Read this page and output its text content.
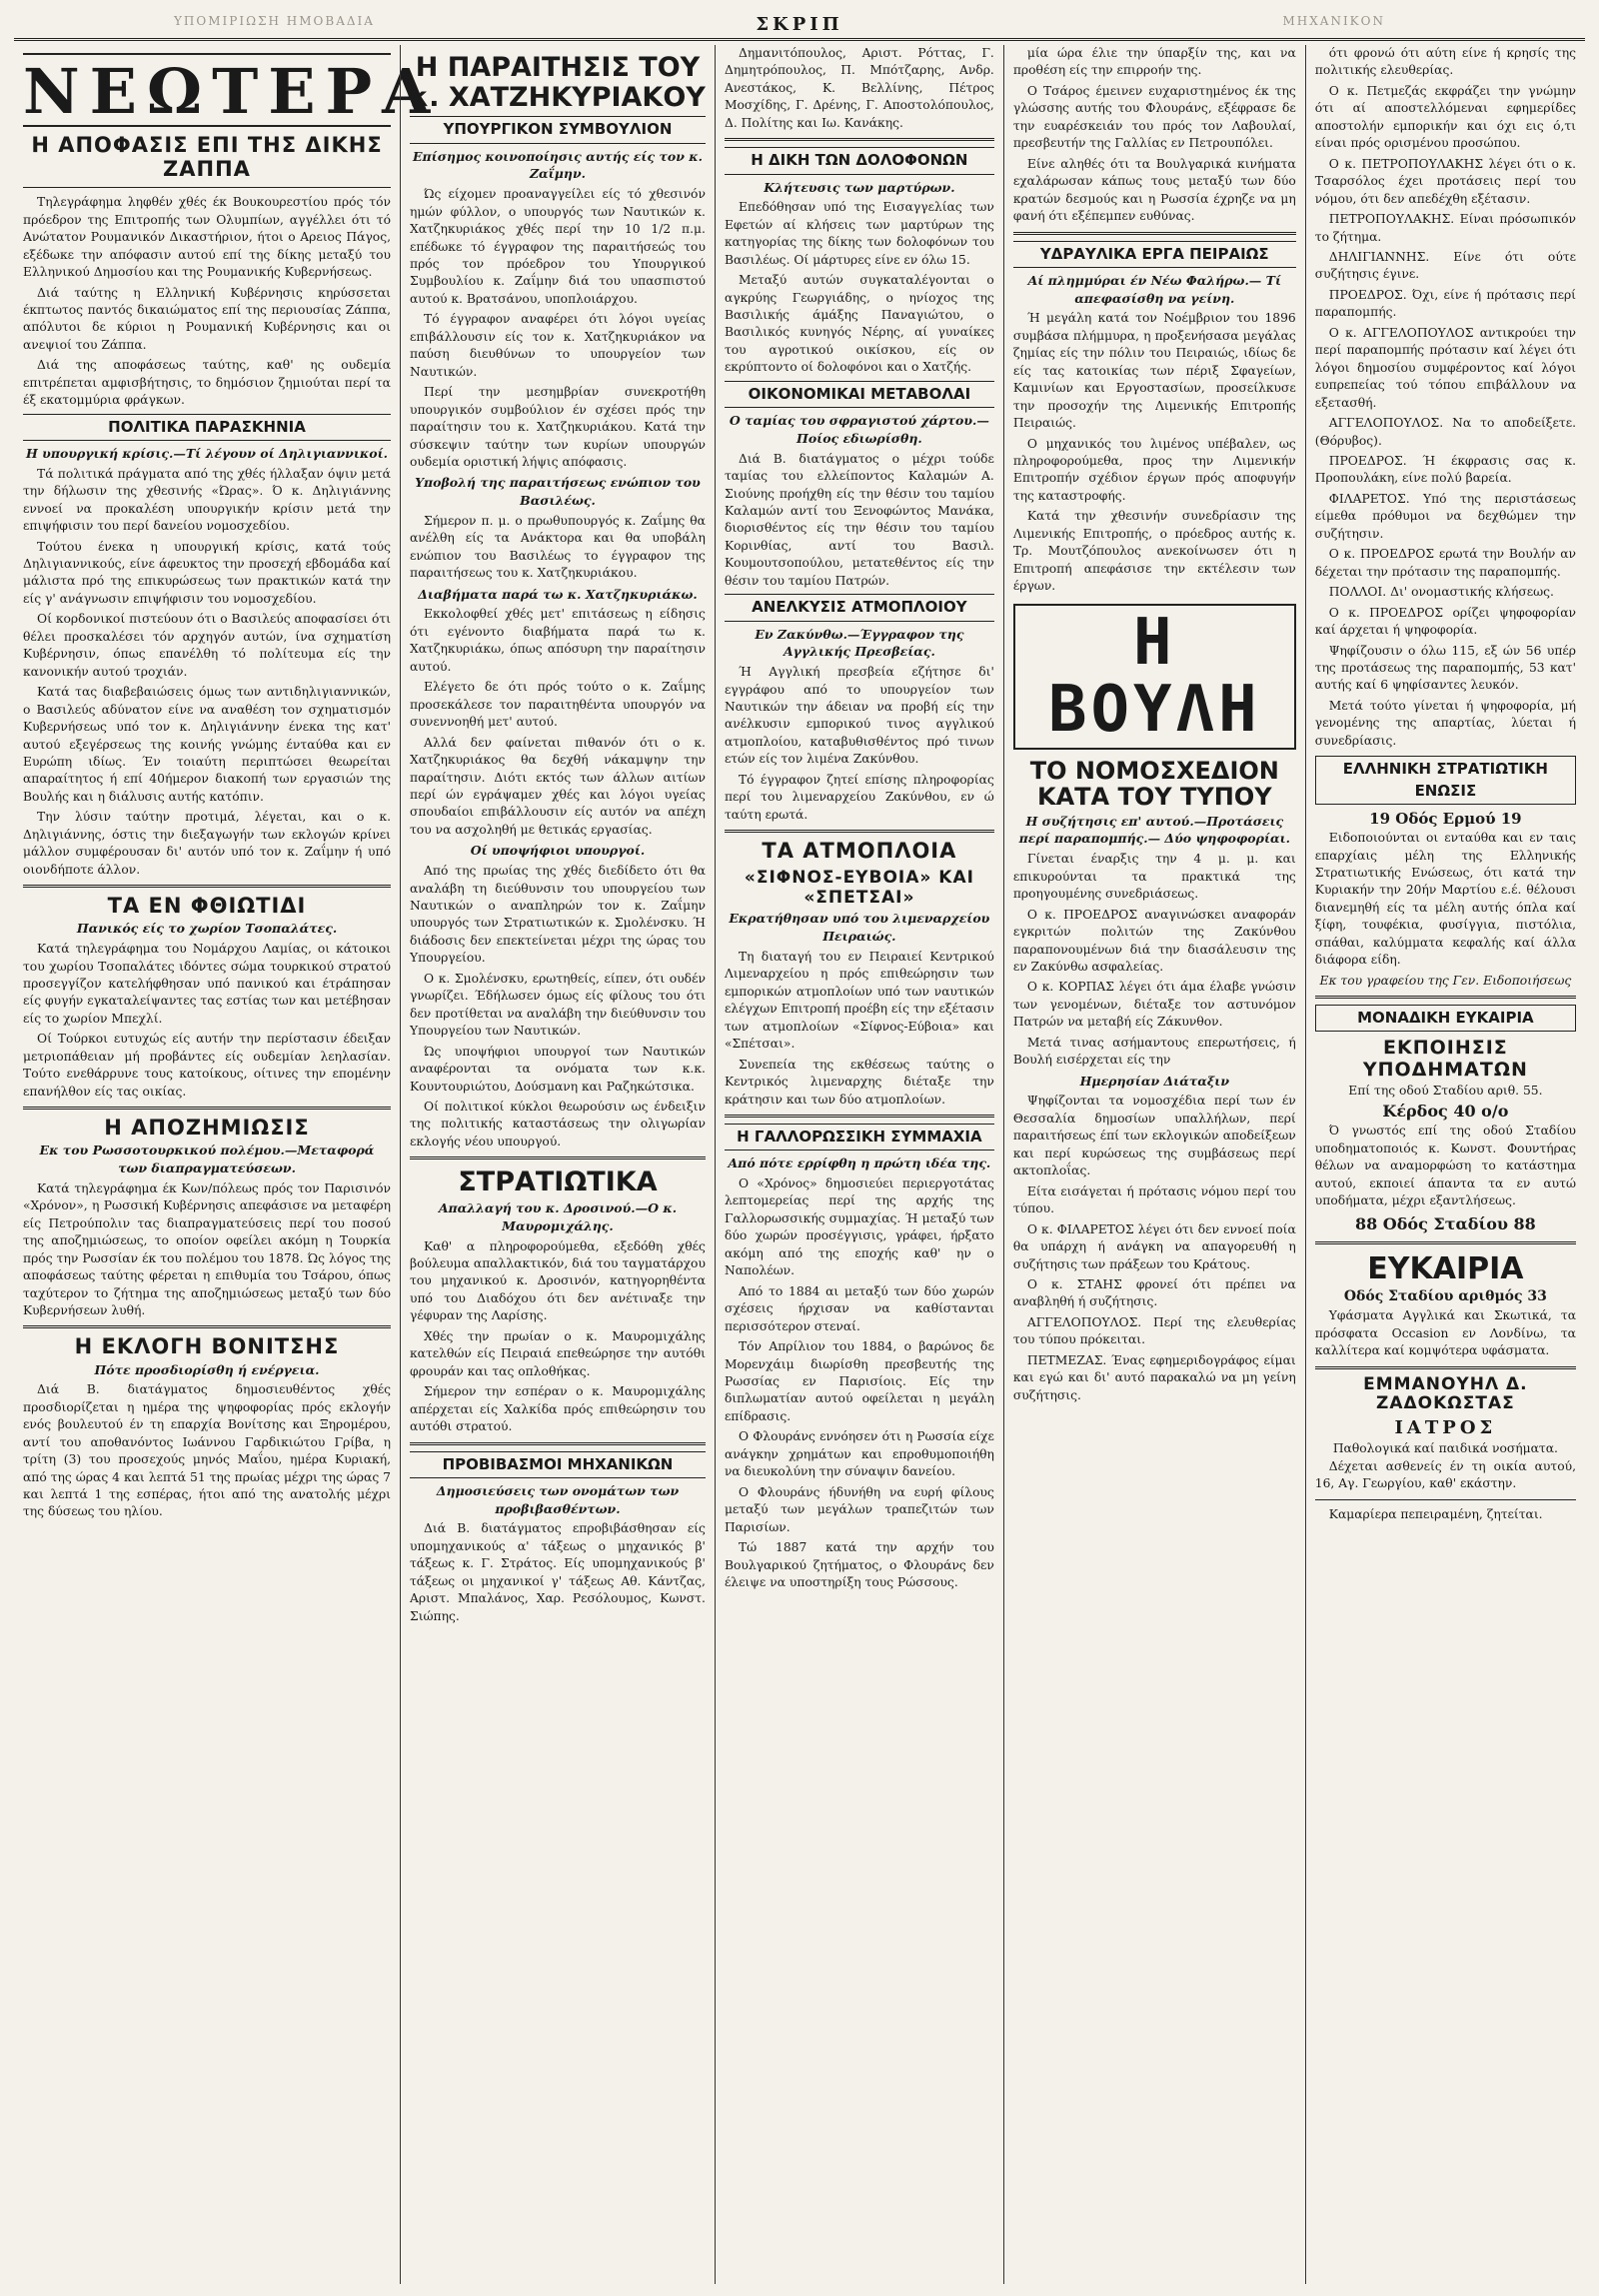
ΥΠΟΜΙΡΙΩΣΗ ΗΜΟΒΑΔΙΑ	ΣΚΡΙΠ	ΜΗΧΑΝΙΚΟΝ
ΝΕΩΤΕΡΑ
Η ΑΠΟΦΑΣΙΣ ΕΠΙ ΤΗΣ ΔΙΚΗΣ ΖΑΠΠΑ

Τηλεγράφημα ληφθέν χθές έκ Βουκουρεστίου πρός τόν πρόεδρον της Επιτροπής των Ολυμπίων, αγγέλλει ότι τό Ανώτατον Ρουμανικόν Δικαστήριον, ήτοι ο Αρειος Πάγος, εξέδωκε την απόφασιν αυτού επί της δίκης μεταξύ του Ελληνικού Δημοσίου και της Ρουμανικής Κυβερνήσεως.

Διά ταύτης η Ελληνική Κυβέρνησις κηρύσσεται έκπτωτος παντός δικαιώματος επί της περιουσίας Ζάππα, απόλυτοι δε κύριοι η Ρουμανική Κυβέρνησις και οι ανεψιοί του Ζάππα.

Διά της αποφάσεως ταύτης, καθ' ης ουδεμία επιτρέπεται αμφισβήτησις, το δημόσιον ζημιούται περί τα έξ εκατομμύρια φράγκων.

ΠΟΛΙΤΙΚΑ ΠΑΡΑΣΚΗΝΙΑ
Η υπουργική κρίσις.—Τί λέγουν οί Δηλιγιαννικοί.

Τά πολιτικά πράγματα από της χθές ήλλαξαν όψιν μετά την δήλωσιν της χθεσινής «Ώρας». Ό κ. Δηλιγιάννης εννοεί να προκαλέση υπουργικήν κρίσιν μετά την επιψήφισιν του περί δανείου νομοσχεδίου.

Τούτου ένεκα η υπουργική κρίσις, κατά τούς Δηλιγιαννικούς, είνε άφευκτος την προσεχή εβδομάδα καί μάλιστα πρό της επικυρώσεως των πρακτικών κατά την είς γ' ανάγνωσιν επιψήφισιν του νομοσχεδίου.

Οί κορδονικοί πιστεύουν ότι ο Βασιλεύς αποφασίσει ότι θέλει προσκαλέσει τόν αρχηγόν αυτών, ίνα σχηματίση Κυβέρνησιν, όπως επανέλθη τό πολίτευμα είς την κανονικήν αυτού τροχιάν.

Κατά τας διαβεβαιώσεις όμως των αντιδηλιγιαννικών, ο Βασιλεύς αδύνατον είνε να αναθέση τον σχηματισμόν Κυβερνήσεως υπό τον κ. Δηλιγιάννην ένεκα της κατ' αυτού εξεγέρσεως της κοινής γνώμης ένταύθα και εν Ευρώπη ιδίως. Έν τοιαύτη περιπτώσει θεωρείται απαραίτητος ή επί 40ήμερον διακοπή των εργασιών της Βουλής και η διάλυσις αυτής κατόπιν.

Την λύσιν ταύτην προτιμά, λέγεται, και ο κ. Δηλιγιάννης, όστις την διεξαγωγήν των εκλογών κρίνει μάλλον συμφέρουσαν δι' αυτόν υπό τον κ. Ζαΐμην ή υπό οιονδήποτε άλλον.

ΤΑ ΕΝ ΦΘΙΩΤΙΔΙ
Πανικός είς το χωρίον Τσοπαλάτες.

Κατά τηλεγράφημα του Νομάρχου Λαμίας, οι κάτοικοι του χωρίου Τσοπαλάτες ιδόντες σώμα τουρκικού στρατού προσεγγίζον κατελήφθησαν υπό πανικού και έτράπησαν είς φυγήν εγκαταλείψαντες τας εστίας των και μετέβησαν είς το χωρίον Μπεχλί.

Οί Τούρκοι ευτυχώς είς αυτήν την περίστασιν έδειξαν μετριοπάθειαν μή προβάντες είς ουδεμίαν λεηλασίαν. Τούτο ενεθάρρυνε τους κατοίκους, οίτινες την επομένην επανήλθον είς τας οικίας.

Η ΑΠΟΖΗΜΙΩΣΙΣ
Εκ του Ρωσσοτουρκικού πολέμου.—Μεταφορά των διαπραγματεύσεων.

Κατά τηλεγράφημα έκ Κων/πόλεως πρός τον Παρισινόν «Χρόνον», η Ρωσσική Κυβέρνησις απεφάσισε να μεταφέρη είς Πετρούπολιν τας διαπραγματεύσεις περί του ποσού της αποζημιώσεως, το οποίον οφείλει ακόμη η Τουρκία πρός την Ρωσσίαν έκ του πολέμου του 1878. Ώς λόγος της αποφάσεως ταύτης φέρεται η επιθυμία του Τσάρου, όπως ταχύτερον το ζήτημα της αποζημιώσεως μεταξύ των δύο Κυβερνήσεων λυθή.

Η ΕΚΛΟΓΗ ΒΟΝΙΤΣΗΣ
Πότε προσδιορίσθη ή ενέργεια.

Διά Β. διατάγματος δημοσιευθέντος χθές προσδιορίζεται η ημέρα της ψηφοφορίας πρός εκλογήν ενός βουλευτού έν τη επαρχία Βονίτσης και Ξηρομέρου, αντί του αποθανόντος Ιωάννου Γαρδικιώτου Γρίβα, η τρίτη (3) του προσεχούς μηνός Μαΐου, ημέρα Κυριακή, από της ώρας 4 και λεπτά 51 της πρωίας μέχρι της ώρας 7 και λεπτά 1 της εσπέρας, ήτοι από της ανατολής μέχρι της δύσεως του ηλίου.

Η ΠΑΡΑΙΤΗΣΙΣ ΤΟΥ κ. ΧΑΤΖΗΚΥΡΙΑΚΟΥ
ΥΠΟΥΡΓΙΚΟΝ ΣΥΜΒΟΥΛΙΟΝ
Επίσημος κοινοποίησις αυτής είς τον κ. Ζαΐμην.

Ώς είχομεν προαναγγείλει είς τό χθεσινόν ημών φύλλον, ο υπουργός των Ναυτικών κ. Χατζηκυριάκος χθές περί την 10 1/2 π.μ. επέδωκε τό έγγραφον της παραιτήσεώς του πρός τον πρόεδρον του Υπουργικού Συμβουλίου κ. Ζαΐμην διά του υπασπιστού αυτού κ. Βρατσάνου, υποπλοιάρχου.

Τό έγγραφον αναφέρει ότι λόγοι υγείας επιβάλλουσιν είς τον κ. Χατζηκυριάκον να παύση διευθύνων το υπουργείον των Ναυτικών.

Περί την μεσημβρίαν συνεκροτήθη υπουργικόν συμβούλιον έν σχέσει πρός την παραίτησιν του κ. Χατζηκυριάκου. Κατά την σύσκεψιν ταύτην των κυρίων υπουργών ουδεμία οριστική λήψις απόφασις.

Υποβολή της παραιτήσεως ενώπιον του Βασιλέως.

Σήμερον π. μ. ο πρωθυπουργός κ. Ζαΐμης θα ανέλθη είς τα Ανάκτορα και θα υποβάλη ενώπιον του Βασιλέως το έγγραφον της παραιτήσεως του κ. Χατζηκυριάκου.

Διαβήματα παρά τω κ. Χατζηκυριάκω.

Εκκολοφθεί χθές μετ' επιτάσεως η είδησις ότι εγένοντο διαβήματα παρά τω κ. Χατζηκυριάκω, όπως απόσυρη την παραίτησιν αυτού.

Ελέγετο δε ότι πρός τούτο ο κ. Ζαΐμης προσεκάλεσε τον παραιτηθέντα υπουργόν να συνεννοηθή μετ' αυτού.

Αλλά δεν φαίνεται πιθανόν ότι ο κ. Χατζηκυριάκος θα δεχθή νάκαμψην την παραίτησιν. Διότι εκτός των άλλων αιτίων περί ών εγράψαμεν χθές και λόγοι υγείας σπουδαίοι επιβάλλουσιν είς αυτόν να απέχη του να ασχοληθή με θετικάς εργασίας.

Οί υποψήφιοι υπουργοί.

Από της πρωίας της χθές διεδίδετο ότι θα αναλάβη τη διεύθυνσιν του υπουργείου των Ναυτικών ο αναπληρών τον κ. Ζαΐμην υπουργός των Στρατιωτικών κ. Σμολένσκυ. Ή διάδοσις δεν επεκτείνεται μέχρι της ώρας του Υπουργείου.

Ο κ. Σμολένσκυ, ερωτηθείς, είπεν, ότι ουδέν γνωρίζει. Έδήλωσεν όμως είς φίλους του ότι δεν προτίθεται να αναλάβη την διεύθυνσιν του Υπουργείου των Ναυτικών.

Ώς υποψήφιοι υπουργοί των Ναυτικών αναφέρονται τα ονόματα των κ.κ. Κουντουριώτου, Δούσμανη και Ραζηκώτσικα.

Οί πολιτικοί κύκλοι θεωρούσιν ως ένδειξιν της πολιτικής καταστάσεως την ολιγωρίαν εκλογής νέου υπουργού.

ΣΤΡΑΤΙΩΤΙΚΑ
Απαλλαγή του κ. Δροσινού.—Ο κ. Μαυρομιχάλης.

Καθ' α πληροφορούμεθα, εξεδόθη χθές βούλευμα απαλλακτικόν, διά του ταγματάρχου του μηχανικού κ. Δροσινόν, κατηγορηθέντα υπό του Διαδόχου ότι δεν ανέτιναξε την γέφυραν της Λαρίσης.

Χθές την πρωίαν ο κ. Μαυρομιχάλης κατελθών είς Πειραιά επεθεώρησε την αυτόθι φρουράν και τας οπλοθήκας.

Σήμερον την εσπέραν ο κ. Μαυρομιχάλης απέρχεται είς Χαλκίδα πρός επιθεώρησιν του αυτόθι στρατού.

ΠΡΟΒΙΒΑΣΜΟΙ ΜΗΧΑΝΙΚΩΝ
Δημοσιεύσεις των ονομάτων των προβιβασθέντων.

Διά Β. διατάγματος επροβιβάσθησαν είς υπομηχανικούς α' τάξεως ο μηχανικός β' τάξεως κ. Γ. Στράτος. Είς υπομηχανικούς β' τάξεως οι μηχανικοί γ' τάξεως Αθ. Κάντζας, Αριστ. Μπαλάνος, Χαρ. Ρεσόλουμος, Κωνστ. Σιώπης.

Δημανιτόπουλος, Αριστ. Ρόττας, Γ. Δημητρόπουλος, Π. Μπότζαρης, Ανδρ. Ανεστάκος, Κ. Βελλίνης, Πέτρος Μοσχίδης, Γ. Δρένης, Γ. Αποστολόπουλος, Δ. Πολίτης και Ιω. Κανάκης.

Η ΔΙΚΗ ΤΩΝ ΔΟΛΟΦΟΝΩΝ
Κλήτευσις των μαρτύρων.

Επεδόθησαν υπό της Εισαγγελίας των Εφετών αί κλήσεις των μαρτύρων της κατηγορίας της δίκης των δολοφόνων του Βασιλέως. Οί μάρτυρες είνε εν όλω 15.

Μεταξύ αυτών συγκαταλέγονται ο αγκρύης Γεωργιάδης, ο ηνίοχος της Βασιλικής άμάξης Παναγιώτου, ο Βασιλικός κυνηγός Νέρης, αί γυναίκες του αγροτικού οικίσκου, είς ον εκρύπτοντο οί δολοφόνοι και ο Χατζής.

ΟΙΚΟΝΟΜΙΚΑΙ ΜΕΤΑΒΟΛΑΙ
Ο ταμίας του σφραγιστού χάρτου.—Ποίος εδιωρίσθη.

Διά Β. διατάγματος ο μέχρι τούδε ταμίας του ελλείποντος Καλαμών Α. Σιούνης προήχθη είς την θέσιν του ταμίου Καλαμών αντί του Ξενοφώντος Μανάκα, διορισθέντος είς την θέσιν του ταμίου Κορινθίας, αντί του Βασιλ. Κουμουτσοπούλου, μετατεθέντος είς την θέσιν του ταμίου Πατρών.

ΑΝΕΛΚΥΣΙΣ ΑΤΜΟΠΛΟΙΟΥ
Εν Ζακύνθω.—Έγγραφον της Αγγλικής Πρεσβείας.

Ή Αγγλική πρεσβεία εζήτησε δι' εγγράφου από το υπουργείον των Ναυτικών την άδειαν να προβή είς την ανέλκυσιν εμπορικού τινος αγγλικού ατμοπλοίου, καταβυθισθέντος πρό τινων ετών είς τον λιμένα Ζακύνθου.

Τό έγγραφον ζητεί επίσης πληροφορίας περί του λιμεναρχείου Ζακύνθου, εν ώ ταύτη ερωτά.

ΤΑ ΑΤΜΟΠΛΟΙΑ
«ΣΙΦΝΟΣ-ΕΥΒΟΙΑ» ΚΑΙ «ΣΠΕΤΣΑΙ»
Εκρατήθησαν υπό του λιμεναρχείου Πειραιώς.

Τη διαταγή του εν Πειραιεί Κεντρικού Λιμεναρχείου η πρός επιθεώρησιν των εμπορικών ατμοπλοίων υπό των ναυτικών ελέγχων Επιτροπή προέβη είς την εξέτασιν των ατμοπλοίων «Σίφνος-Εύβοια» και «Σπέτσαι».

Συνεπεία της εκθέσεως ταύτης ο Κεντρικός λιμεναρχης διέταξε την κράτησιν και των δύο ατμοπλοίων.

Η ΓΑΛΛΟΡΩΣΣΙΚΗ ΣΥΜΜΑΧΙΑ
Από πότε ερρίφθη η πρώτη ιδέα της.

Ο «Χρόνος» δημοσιεύει περιεργοτάτας λεπτομερείας περί της αρχής της Γαλλορωσσικής συμμαχίας. Ή μεταξύ των δύο χωρών προσέγγισις, γράφει, ήρξατο ακόμη από της εποχής καθ' ην ο Ναπολέων.

Από το 1884 αι μεταξύ των δύο χωρών σχέσεις ήρχισαν να καθίστανται περισσότερον στεναί.

Τόν Απρίλιον του 1884, ο βαρώνος δε Μορενχάιμ διωρίσθη πρεσβευτής της Ρωσσίας εν Παρισίοις. Είς την διπλωματίαν αυτού οφείλεται η μεγάλη επίδρασις.

Ο Φλουράνς εννόησεν ότι η Ρωσσία είχε ανάγκην χρημάτων και επροθυμοποιήθη να διευκολύνη την σύναψιν δανείου.

Ο Φλουράνς ήδυνήθη να ευρή φίλους μεταξύ των μεγάλων τραπεζιτών των Παρισίων.

Τώ 1887 κατά την αρχήν του Βουλγαρικού ζητήματος, ο Φλουράνς δεν έλειψε να υποστηρίξη τους Ρώσσους.

μία ώρα έλιε την ύπαρξίν της, και να προθέση είς την επιρροήν της.

Ο Τσάρος έμεινεν ευχαριστημένος έκ της γλώσσης αυτής του Φλουράνς, εξέφρασε δε την ευαρέσκειάν του πρός τον Λαβουλαί, πρεσβευτήν της Γαλλίας εν Πετρουπόλει.

Είνε αληθές ότι τα Βουλγαρικά κινήματα εχαλάρωσαν κάπως τους μεταξύ των δύο κρατών δεσμούς και η Ρωσσία έχρηζε να μη φανή ότι εξέπεμπεν ευθύνας.

ΥΔΡΑΥΛΙΚΑ ΕΡΓΑ ΠΕΙΡΑΙΩΣ
Αί πλημμύραι έν Νέω Φαλήρω.— Τί απεφασίσθη να γείνη.

Ή μεγάλη κατά τον Νοέμβριον του 1896 συμβάσα πλήμμυρα, η προξενήσασα μεγάλας ζημίας είς την πόλιν του Πειραιώς, ιδίως δε είς τας κατοικίας των πέριξ Σφαγείων, Καμινίων και Εργοστασίων, προσείλκυσε την προσοχήν της Λιμενικής Επιτροπής Πειραιώς.

Ο μηχανικός του λιμένος υπέβαλεν, ως πληροφορούμεθα, προς την Λιμενικήν Επιτροπήν σχέδιον έργων πρός αποφυγήν της καταστροφής.

Κατά την χθεσινήν συνεδρίασιν της Λιμενικής Επιτροπής, ο πρόεδρος αυτής κ. Τρ. Μουτζόπουλος ανεκοίνωσεν ότι η Επιτροπή απεφάσισε την εκτέλεσιν των έργων.

Η ΒΟΥΛΗ
ΤΟ ΝΟΜΟΣΧΕΔΙΟΝ ΚΑΤΑ ΤΟΥ ΤΥΠΟΥ
Η συζήτησις επ' αυτού.—Προτάσεις περί παραπομπής.— Δύο ψηφοφορίαι.

Γίνεται έναρξις την 4 μ. μ. και επικυρούνται τα πρακτικά της προηγουμένης συνεδριάσεως.

Ο κ. ΠΡΟΕΔΡΟΣ αναγινώσκει αναφοράν εγκριτών πολιτών της Ζακύνθου παραπονουμένων διά την διασάλευσιν της εν Ζακύνθω ασφαλείας.

Ο κ. ΚΟΡΠΑΣ λέγει ότι άμα έλαβε γνώσιν των γενομένων, διέταξε τον αστυνόμον Πατρών να μεταβή είς Ζάκυνθον.

Μετά τινας ασήμαντους επερωτήσεις, ή Βουλή εισέρχεται είς την

Ημερησίαν Διάταξιν

Ψηφίζονται τα νομοσχέδια περί των έν Θεσσαλία δημοσίων υπαλλήλων, περί παραιτήσεως έπί των εκλογικών αποδείξεων και περί κυρώσεως της συμβάσεως περί ακτοπλοΐας.

Είτα εισάγεται ή πρότασις νόμου περί του τύπου.

Ο κ. ΦΙΛΑΡΕΤΟΣ λέγει ότι δεν εννοεί ποία θα υπάρχη ή ανάγκη να απαγορευθή η συζήτησις των πράξεων του Κράτους.

Ο κ. ΣΤΑΗΣ φρονεί ότι πρέπει να αναβληθή ή συζήτησις.

ΑΓΓΕΛΟΠΟΥΛΟΣ. Περί της ελευθερίας του τύπου πρόκειται.

ΠΕΤΜΕΖΑΣ. Ένας εφημεριδογράφος είμαι και εγώ και δι' αυτό παρακαλώ να μη γείνη συζήτησις.

ότι φρονώ ότι αύτη είνε ή κρησίς της πολιτικής ελευθερίας.

Ο κ. Πετμεζάς εκφράζει την γνώμην ότι αί αποστελλόμεναι εφημερίδες αποστολήν εμπορικήν και όχι εις ό,τι είναι πρός ορισμένου προσώπου.

Ο κ. ΠΕΤΡΟΠΟΥΛΑΚΗΣ λέγει ότι ο κ. Τσαρσόλος έχει προτάσεις περί του νόμου, ότι δεν απεδέχθη εξέτασιν.

ΠΕΤΡΟΠΟΥΛΑΚΗΣ. Είναι πρόσωπικόν το ζήτημα.

ΔΗΛΙΓΙΑΝΝΗΣ. Είνε ότι ούτε συζήτησις έγινε.

ΠΡΟΕΔΡΟΣ. Όχι, είνε ή πρότασις περί παραπομπής.

Ο κ. ΑΓΓΕΛΟΠΟΥΛΟΣ αντικρούει την περί παραπομπής πρότασιν καί λέγει ότι λόγοι δημοσίου συμφέροντος καί λόγοι ευπρεπείας τού τόπου επιβάλλουν να εξετασθή.

ΑΓΓΕΛΟΠΟΥΛΟΣ. Να το αποδείξετε. (Θόρυβος).

ΠΡΟΕΔΡΟΣ. Ή έκφρασις σας κ. Προπουλάκη, είνε πολύ βαρεία.

ΦΙΛΑΡΕΤΟΣ. Υπό της περιστάσεως είμεθα πρόθυμοι να δεχθώμεν την συζήτησιν.

Ο κ. ΠΡΟΕΔΡΟΣ ερωτά την Βουλήν αν δέχεται την πρότασιν της παραπομπής.

ΠΟΛΛΟΙ. Δι' ονομαστικής κλήσεως.

Ο κ. ΠΡΟΕΔΡΟΣ ορίζει ψηφοφορίαν καί άρχεται ή ψηφοφορία.

Ψηφίζουσιν ο όλω 115, εξ ών 56 υπέρ της προτάσεως της παραπομπής, 53 κατ' αυτής καί 6 ψηφίσαντες λευκόν.

Μετά τούτο γίνεται ή ψηφοφορία, μή γενομένης της απαρτίας, λύεται ή συνεδρίασις.

ΕΛΛΗΝΙΚΗ ΣΤΡΑΤΙΩΤΙΚΗ ΕΝΩΣΙΣ
19 Οδός Ερμού 19

Ειδοποιούνται οι ενταύθα και εν ταις επαρχίαις μέλη της Ελληνικής Στρατιωτικής Ενώσεως, ότι κατά την Κυριακήν την 20ήν Μαρτίου ε.έ. θέλουσι διανεμηθή είς τα μέλη αυτής όπλα καί ξίφη, τουφέκια, φυσίγγια, πιστόλια, σπάθαι, καλύμματα κεφαλής καί άλλα διάφορα είδη.

Εκ του γραφείου της Γεν. Ειδοποιήσεως
ΜΟΝΑΔΙΚΗ ΕΥΚΑΙΡΙΑ
ΕΚΠΟΙΗΣΙΣ ΥΠΟΔΗΜΑΤΩΝ
Επί της οδού Σταδίου αριθ. 55.
Κέρδος 40 ο/ο

Ό γνωστός επί της οδού Σταδίου υποδηματοποιός κ. Κωνστ. Φουντήρας θέλων να αναμορφώση το κατάστημα αυτού, εκποιεί άπαντα τα εν αυτώ υποδήματα, μέχρι εξαντλήσεως.

88 Οδός Σταδίου 88
ΕΥΚΑΙΡΙΑ
Οδός Σταδίου αριθμός 33

Υφάσματα Αγγλικά και Σκωτικά, τα πρόσφατα Occasion εν Λονδίνω, τα καλλίτερα καί κομψότερα υφάσματα.

ΕΜΜΑΝΟΥΗΛ Δ. ΖΑΔΟΚΩΣΤΑΣ
ΙΑΤΡΟΣ
Παθολογικά καί παιδικά νοσήματα.

Δέχεται ασθενείς έν τη οικία αυτού, 16, Αγ. Γεωργίου, καθ' εκάστην.

Καμαρίερα πεπειραμένη, ζητείται.
